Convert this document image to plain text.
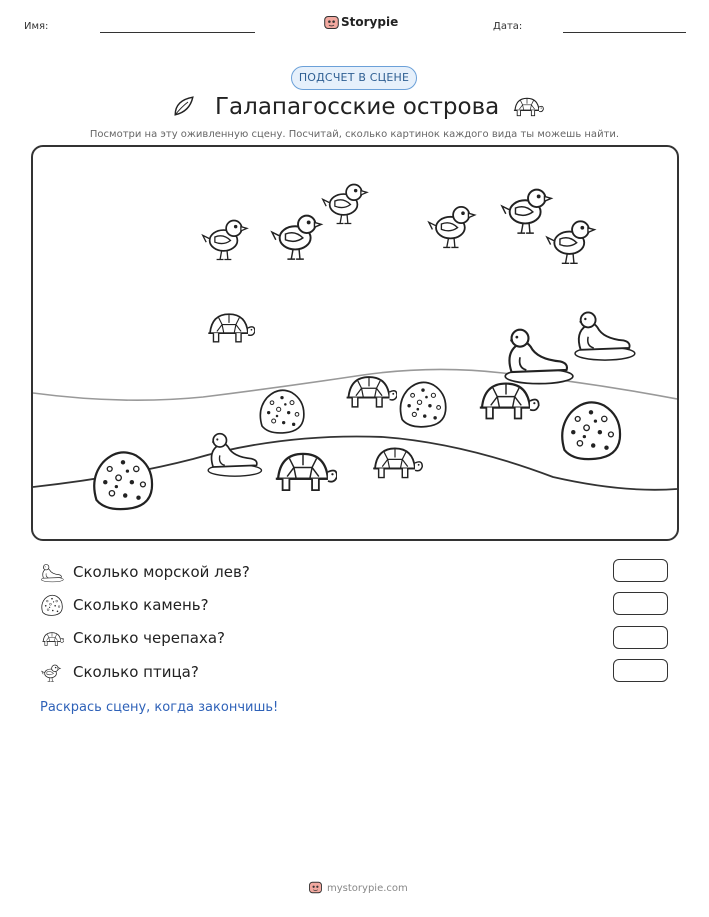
Имя:	Storypie	Дата:
ПОДСЧЕТ В СЦЕНЕ
Галапагосские острова
Посмотри на эту оживленную сцену. Посчитай, сколько картинок каждого вида ты можешь найти.
Сколько морской лев?
Сколько камень?
Сколько черепаха?
Сколько птица?
Раскрась сцену, когда закончишь!
mystorypie.com
